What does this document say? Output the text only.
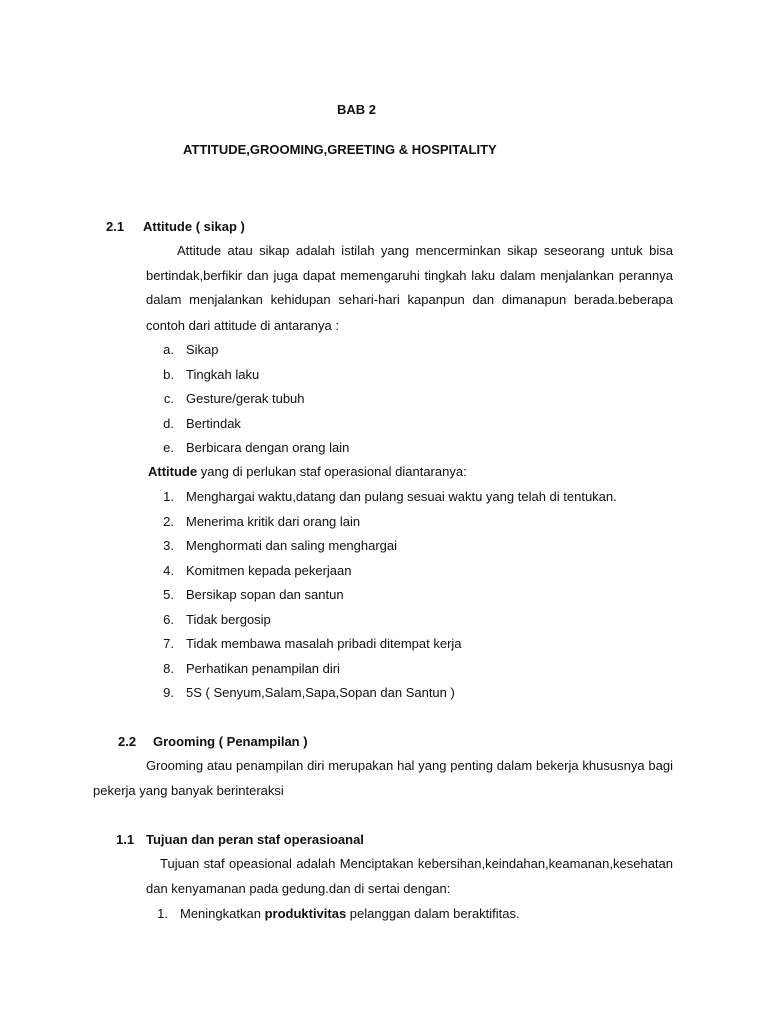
BAB 2
ATTITUDE,GROOMING,GREETING & HOSPITALITY
2.1 Attitude ( sikap )
Attitude atau sikap adalah istilah yang mencerminkan sikap seseorang untuk bisa
bertindak,berfikir dan juga dapat memengaruhi tingkah laku dalam menjalankan perannya
dalam menjalankan kehidupan sehari-hari kapanpun dan dimanapun berada.beberapa
contoh dari attitude di antaranya :
a. Sikap
b. Tingkah laku
c. Gesture/gerak tubuh
d. Bertindak
e. Berbicara dengan orang lain
Attitude yang di perlukan staf operasional diantaranya:
1. Menghargai waktu,datang dan pulang sesuai waktu yang telah di tentukan.
2. Menerima kritik dari orang lain
3. Menghormati dan saling menghargai
4. Komitmen kepada pekerjaan
5. Bersikap sopan dan santun
6. Tidak bergosip
7. Tidak membawa masalah pribadi ditempat kerja
8. Perhatikan penampilan diri
9. 5S ( Senyum,Salam,Sapa,Sopan dan Santun )
2.2 Grooming ( Penampilan )
Grooming atau penampilan diri merupakan hal yang penting dalam bekerja khususnya bagi
pekerja yang banyak berinteraksi
1.1 Tujuan dan peran staf operasioanal
Tujuan staf opeasional adalah Menciptakan kebersihan,keindahan,keamanan,kesehatan
dan kenyamanan pada gedung.dan di sertai dengan:
1. Meningkatkan produktivitas pelanggan dalam beraktifitas.
